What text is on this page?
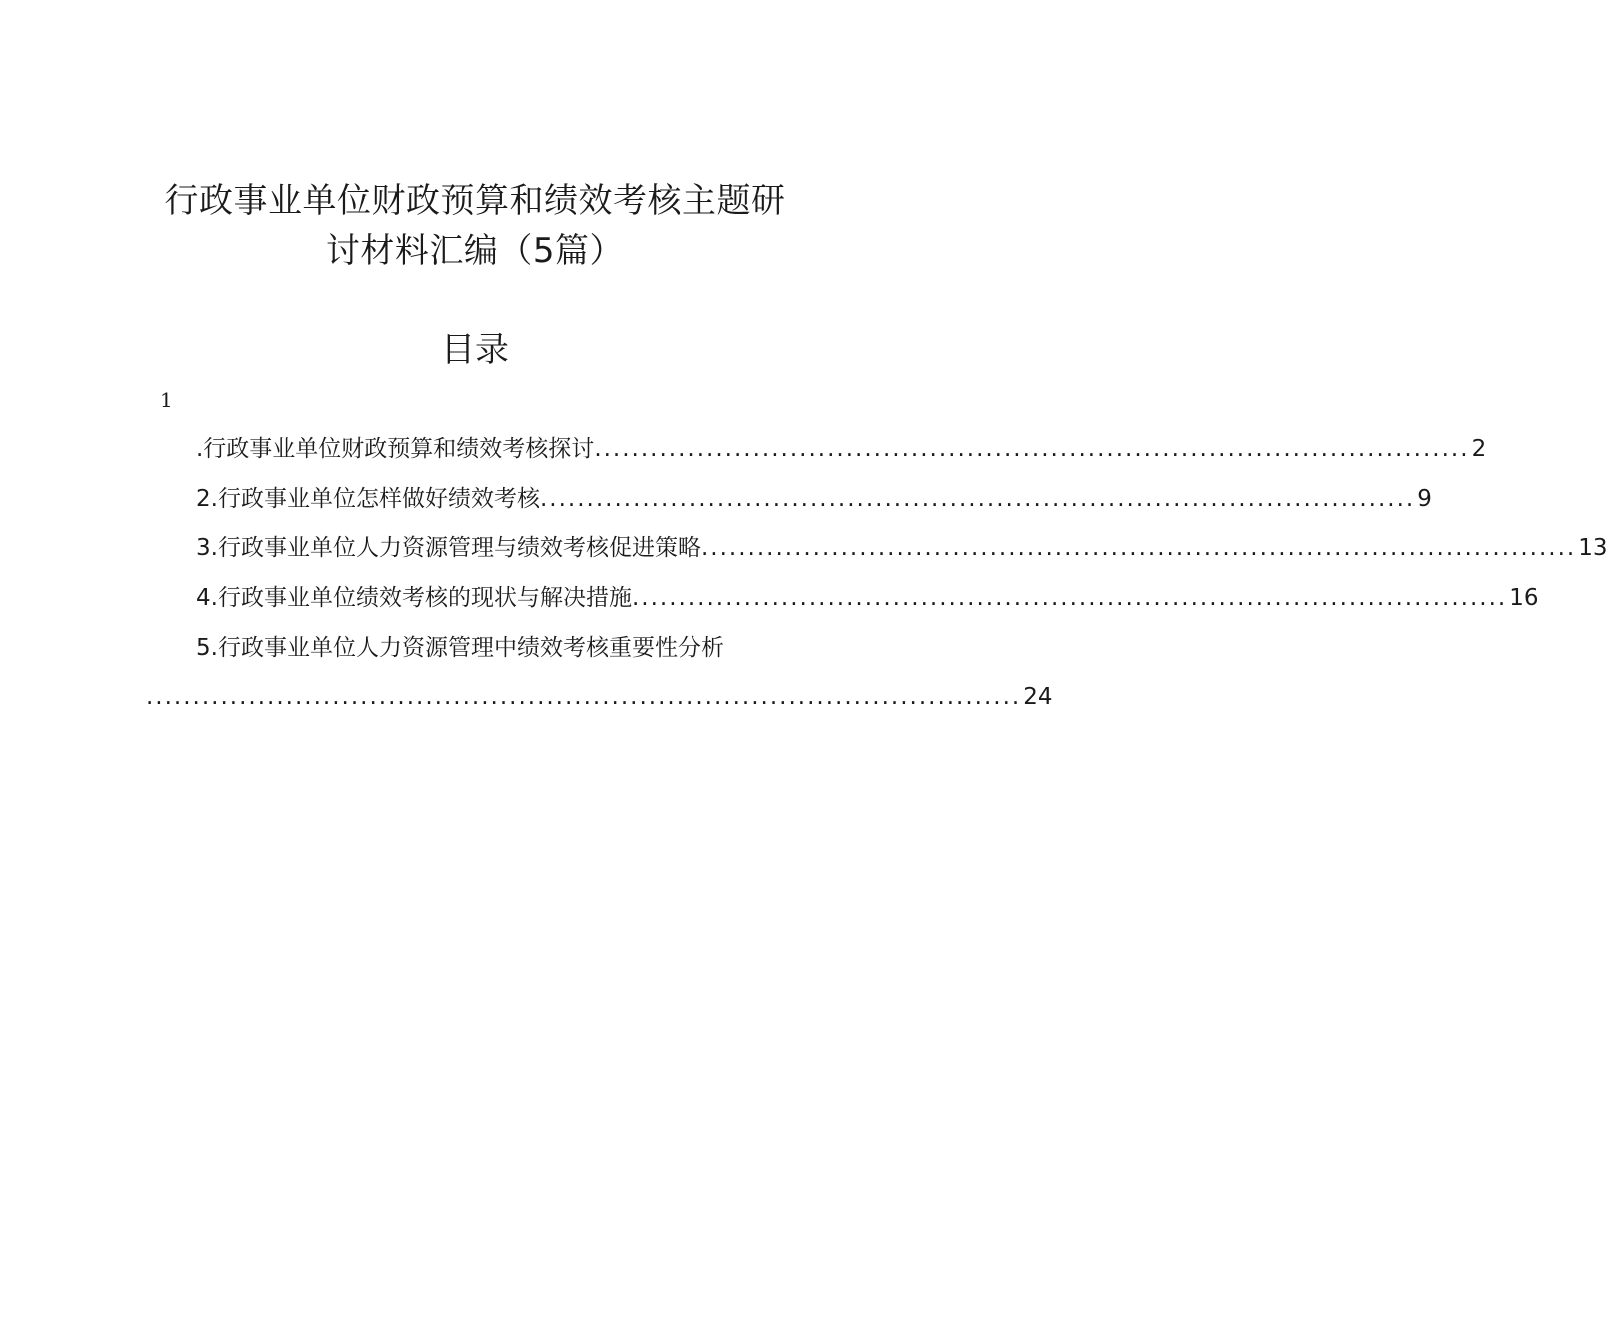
行政事业单位财政预算和绩效考核主题研
讨材料汇编（5篇）
目录
1
.行政事业单位财政预算和绩效考核探讨 .............................................................................................. 2
2.行政事业单位怎样做好绩效考核 .............................................................................................. 9
3.行政事业单位人力资源管理与绩效考核促进策略 .............................................................................................. 13
4.行政事业单位绩效考核的现状与解决措施 .............................................................................................. 16
5.行政事业单位人力资源管理中绩效考核重要性分析
.............................................................................................. 24
